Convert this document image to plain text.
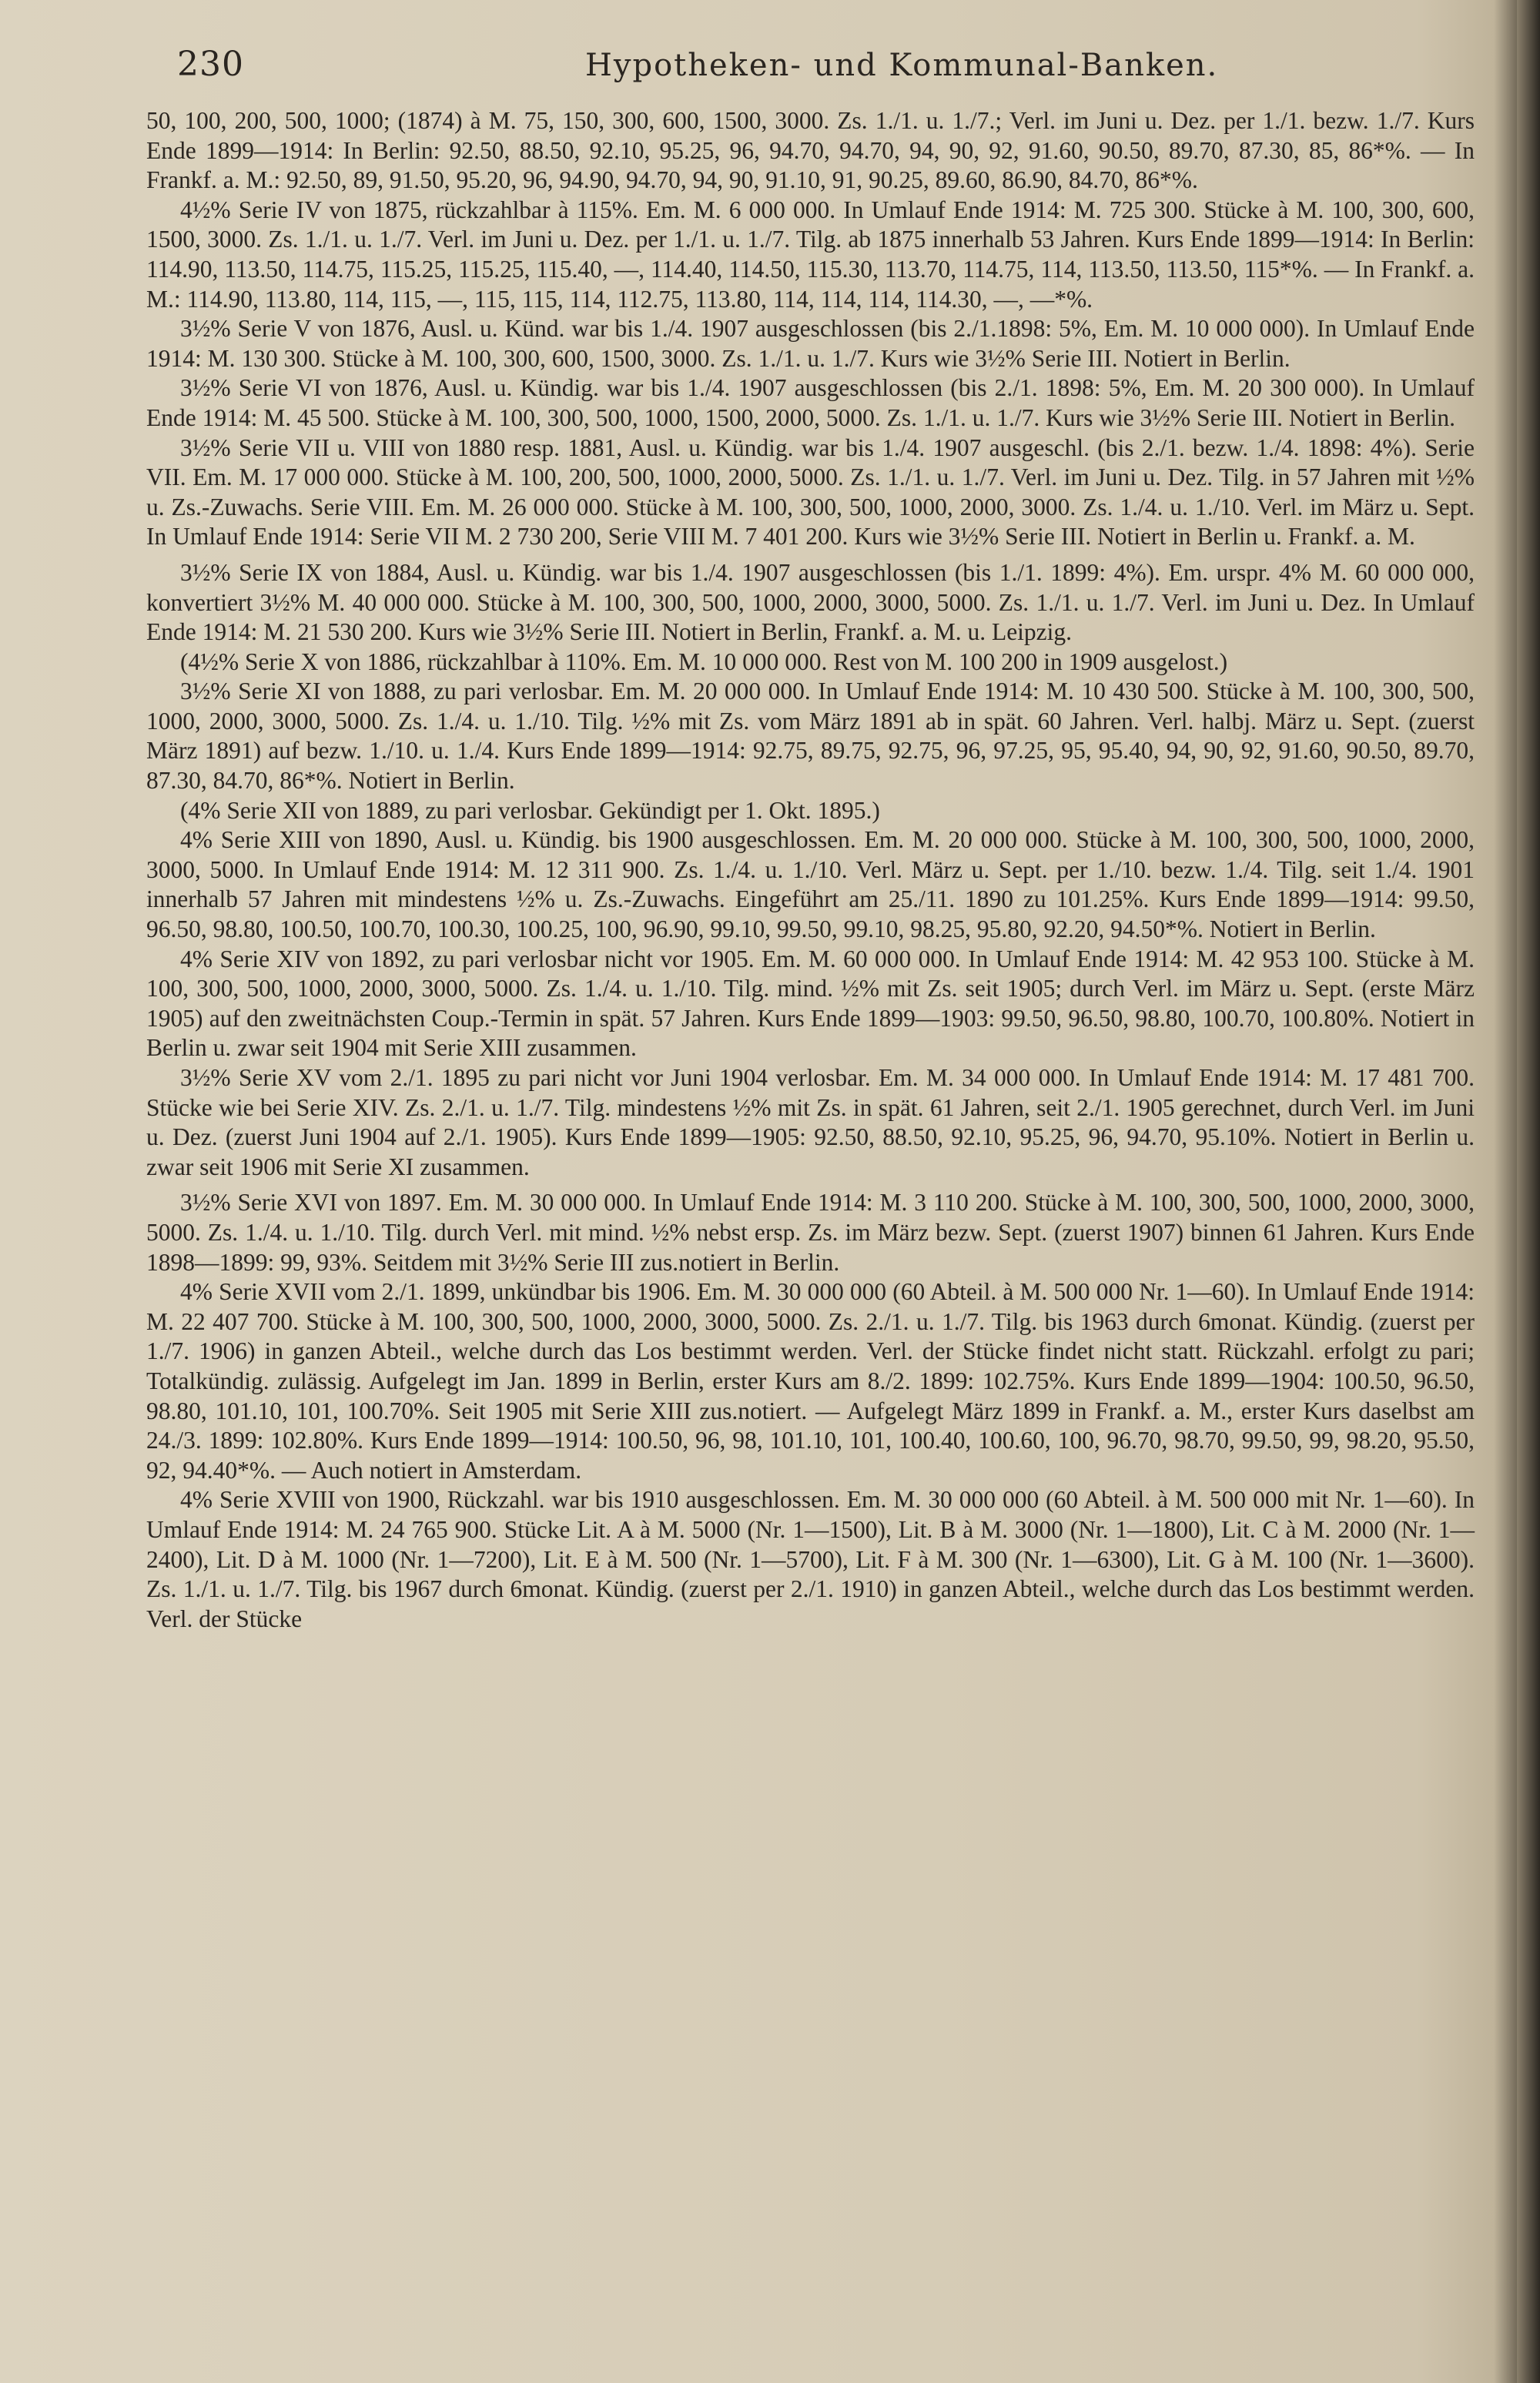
230	Hypotheken- und Kommunal-Banken.

50, 100, 200, 500, 1000; (1874) à M. 75, 150, 300, 600, 1500, 3000. Zs. 1./1. u. 1./7.; Verl. im Juni u. Dez. per 1./1. bezw. 1./7. Kurs Ende 1899—1914: In Berlin: 92.50, 88.50, 92.10, 95.25, 96, 94.70, 94.70, 94, 90, 92, 91.60, 90.50, 89.70, 87.30, 85, 86*%. — In Frankf. a. M.: 92.50, 89, 91.50, 95.20, 96, 94.90, 94.70, 94, 90, 91.10, 91, 90.25, 89.60, 86.90, 84.70, 86*%.

4½% Serie IV von 1875, rückzahlbar à 115%. Em. M. 6 000 000. In Umlauf Ende 1914: M. 725 300. Stücke à M. 100, 300, 600, 1500, 3000. Zs. 1./1. u. 1./7. Verl. im Juni u. Dez. per 1./1. u. 1./7. Tilg. ab 1875 innerhalb 53 Jahren. Kurs Ende 1899—1914: In Berlin: 114.90, 113.50, 114.75, 115.25, 115.25, 115.40, —, 114.40, 114.50, 115.30, 113.70, 114.75, 114, 113.50, 113.50, 115*%. — In Frankf. a. M.: 114.90, 113.80, 114, 115, —, 115, 115, 114, 112.75, 113.80, 114, 114, 114, 114.30, —, —*%.

3½% Serie V von 1876, Ausl. u. Künd. war bis 1./4. 1907 ausgeschlossen (bis 2./1.1898: 5%, Em. M. 10 000 000). In Umlauf Ende 1914: M. 130 300. Stücke à M. 100, 300, 600, 1500, 3000. Zs. 1./1. u. 1./7. Kurs wie 3½% Serie III. Notiert in Berlin.

3½% Serie VI von 1876, Ausl. u. Kündig. war bis 1./4. 1907 ausgeschlossen (bis 2./1. 1898: 5%, Em. M. 20 300 000). In Umlauf Ende 1914: M. 45 500. Stücke à M. 100, 300, 500, 1000, 1500, 2000, 5000. Zs. 1./1. u. 1./7. Kurs wie 3½% Serie III. Notiert in Berlin.

3½% Serie VII u. VIII von 1880 resp. 1881, Ausl. u. Kündig. war bis 1./4. 1907 ausgeschl. (bis 2./1. bezw. 1./4. 1898: 4%). Serie VII. Em. M. 17 000 000. Stücke à M. 100, 200, 500, 1000, 2000, 5000. Zs. 1./1. u. 1./7. Verl. im Juni u. Dez. Tilg. in 57 Jahren mit ½% u. Zs.-Zuwachs. Serie VIII. Em. M. 26 000 000. Stücke à M. 100, 300, 500, 1000, 2000, 3000. Zs. 1./4. u. 1./10. Verl. im März u. Sept. In Umlauf Ende 1914: Serie VII M. 2 730 200, Serie VIII M. 7 401 200. Kurs wie 3½% Serie III. Notiert in Berlin u. Frankf. a. M.

3½% Serie IX von 1884, Ausl. u. Kündig. war bis 1./4. 1907 ausgeschlossen (bis 1./1. 1899: 4%). Em. urspr. 4% M. 60 000 000, konvertiert 3½% M. 40 000 000. Stücke à M. 100, 300, 500, 1000, 2000, 3000, 5000. Zs. 1./1. u. 1./7. Verl. im Juni u. Dez. In Umlauf Ende 1914: M. 21 530 200. Kurs wie 3½% Serie III. Notiert in Berlin, Frankf. a. M. u. Leipzig.

(4½% Serie X von 1886, rückzahlbar à 110%. Em. M. 10 000 000. Rest von M. 100 200 in 1909 ausgelost.)

3½% Serie XI von 1888, zu pari verlosbar. Em. M. 20 000 000. In Umlauf Ende 1914: M. 10 430 500. Stücke à M. 100, 300, 500, 1000, 2000, 3000, 5000. Zs. 1./4. u. 1./10. Tilg. ½% mit Zs. vom März 1891 ab in spät. 60 Jahren. Verl. halbj. März u. Sept. (zuerst März 1891) auf bezw. 1./10. u. 1./4. Kurs Ende 1899—1914: 92.75, 89.75, 92.75, 96, 97.25, 95, 95.40, 94, 90, 92, 91.60, 90.50, 89.70, 87.30, 84.70, 86*%. Notiert in Berlin.

(4% Serie XII von 1889, zu pari verlosbar. Gekündigt per 1. Okt. 1895.)

4% Serie XIII von 1890, Ausl. u. Kündig. bis 1900 ausgeschlossen. Em. M. 20 000 000. Stücke à M. 100, 300, 500, 1000, 2000, 3000, 5000. In Umlauf Ende 1914: M. 12 311 900. Zs. 1./4. u. 1./10. Verl. März u. Sept. per 1./10. bezw. 1./4. Tilg. seit 1./4. 1901 innerhalb 57 Jahren mit mindestens ½% u. Zs.-Zuwachs. Eingeführt am 25./11. 1890 zu 101.25%. Kurs Ende 1899—1914: 99.50, 96.50, 98.80, 100.50, 100.70, 100.30, 100.25, 100, 96.90, 99.10, 99.50, 99.10, 98.25, 95.80, 92.20, 94.50*%. Notiert in Berlin.

4% Serie XIV von 1892, zu pari verlosbar nicht vor 1905. Em. M. 60 000 000. In Umlauf Ende 1914: M. 42 953 100. Stücke à M. 100, 300, 500, 1000, 2000, 3000, 5000. Zs. 1./4. u. 1./10. Tilg. mind. ½% mit Zs. seit 1905; durch Verl. im März u. Sept. (erste März 1905) auf den zweitnächsten Coup.-Termin in spät. 57 Jahren. Kurs Ende 1899—1903: 99.50, 96.50, 98.80, 100.70, 100.80%. Notiert in Berlin u. zwar seit 1904 mit Serie XIII zusammen.

3½% Serie XV vom 2./1. 1895 zu pari nicht vor Juni 1904 verlosbar. Em. M. 34 000 000. In Umlauf Ende 1914: M. 17 481 700. Stücke wie bei Serie XIV. Zs. 2./1. u. 1./7. Tilg. mindestens ½% mit Zs. in spät. 61 Jahren, seit 2./1. 1905 gerechnet, durch Verl. im Juni u. Dez. (zuerst Juni 1904 auf 2./1. 1905). Kurs Ende 1899—1905: 92.50, 88.50, 92.10, 95.25, 96, 94.70, 95.10%. Notiert in Berlin u. zwar seit 1906 mit Serie XI zusammen.

3½% Serie XVI von 1897. Em. M. 30 000 000. In Umlauf Ende 1914: M. 3 110 200. Stücke à M. 100, 300, 500, 1000, 2000, 3000, 5000. Zs. 1./4. u. 1./10. Tilg. durch Verl. mit mind. ½% nebst ersp. Zs. im März bezw. Sept. (zuerst 1907) binnen 61 Jahren. Kurs Ende 1898—1899: 99, 93%. Seitdem mit 3½% Serie III zus.notiert in Berlin.

4% Serie XVII vom 2./1. 1899, unkündbar bis 1906. Em. M. 30 000 000 (60 Abteil. à M. 500 000 Nr. 1—60). In Umlauf Ende 1914: M. 22 407 700. Stücke à M. 100, 300, 500, 1000, 2000, 3000, 5000. Zs. 2./1. u. 1./7. Tilg. bis 1963 durch 6monat. Kündig. (zuerst per 1./7. 1906) in ganzen Abteil., welche durch das Los bestimmt werden. Verl. der Stücke findet nicht statt. Rückzahl. erfolgt zu pari; Totalkündig. zulässig. Aufgelegt im Jan. 1899 in Berlin, erster Kurs am 8./2. 1899: 102.75%. Kurs Ende 1899—1904: 100.50, 96.50, 98.80, 101.10, 101, 100.70%. Seit 1905 mit Serie XIII zus.notiert. — Aufgelegt März 1899 in Frankf. a. M., erster Kurs daselbst am 24./3. 1899: 102.80%. Kurs Ende 1899—1914: 100.50, 96, 98, 101.10, 101, 100.40, 100.60, 100, 96.70, 98.70, 99.50, 99, 98.20, 95.50, 92, 94.40*%. — Auch notiert in Amsterdam.

4% Serie XVIII von 1900, Rückzahl. war bis 1910 ausgeschlossen. Em. M. 30 000 000 (60 Abteil. à M. 500 000 mit Nr. 1—60). In Umlauf Ende 1914: M. 24 765 900. Stücke Lit. A à M. 5000 (Nr. 1—1500), Lit. B à M. 3000 (Nr. 1—1800), Lit. C à M. 2000 (Nr. 1—2400), Lit. D à M. 1000 (Nr. 1—7200), Lit. E à M. 500 (Nr. 1—5700), Lit. F à M. 300 (Nr. 1—6300), Lit. G à M. 100 (Nr. 1—3600). Zs. 1./1. u. 1./7. Tilg. bis 1967 durch 6monat. Kündig. (zuerst per 2./1. 1910) in ganzen Abteil., welche durch das Los bestimmt werden. Verl. der Stücke
